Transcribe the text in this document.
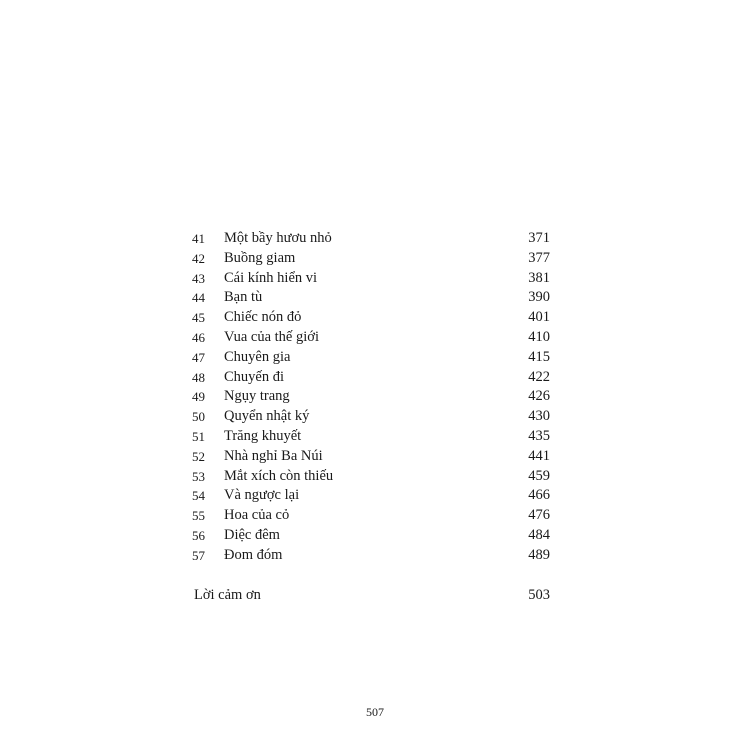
41	Một bầy hươu nhỏ	371
42	Buồng giam	377
43	Cái kính hiển vi	381
44	Bạn tù	390
45	Chiếc nón đỏ	401
46	Vua của thế giới	410
47	Chuyên gia	415
48	Chuyến đi	422
49	Ngụy trang	426
50	Quyển nhật ký	430
51	Trăng khuyết	435
52	Nhà nghỉ Ba Núi	441
53	Mắt xích còn thiếu	459
54	Và ngược lại	466
55	Hoa của cỏ	476
56	Diệc đêm	484
57	Đom đóm	489
Lời cảm ơn	503
507
